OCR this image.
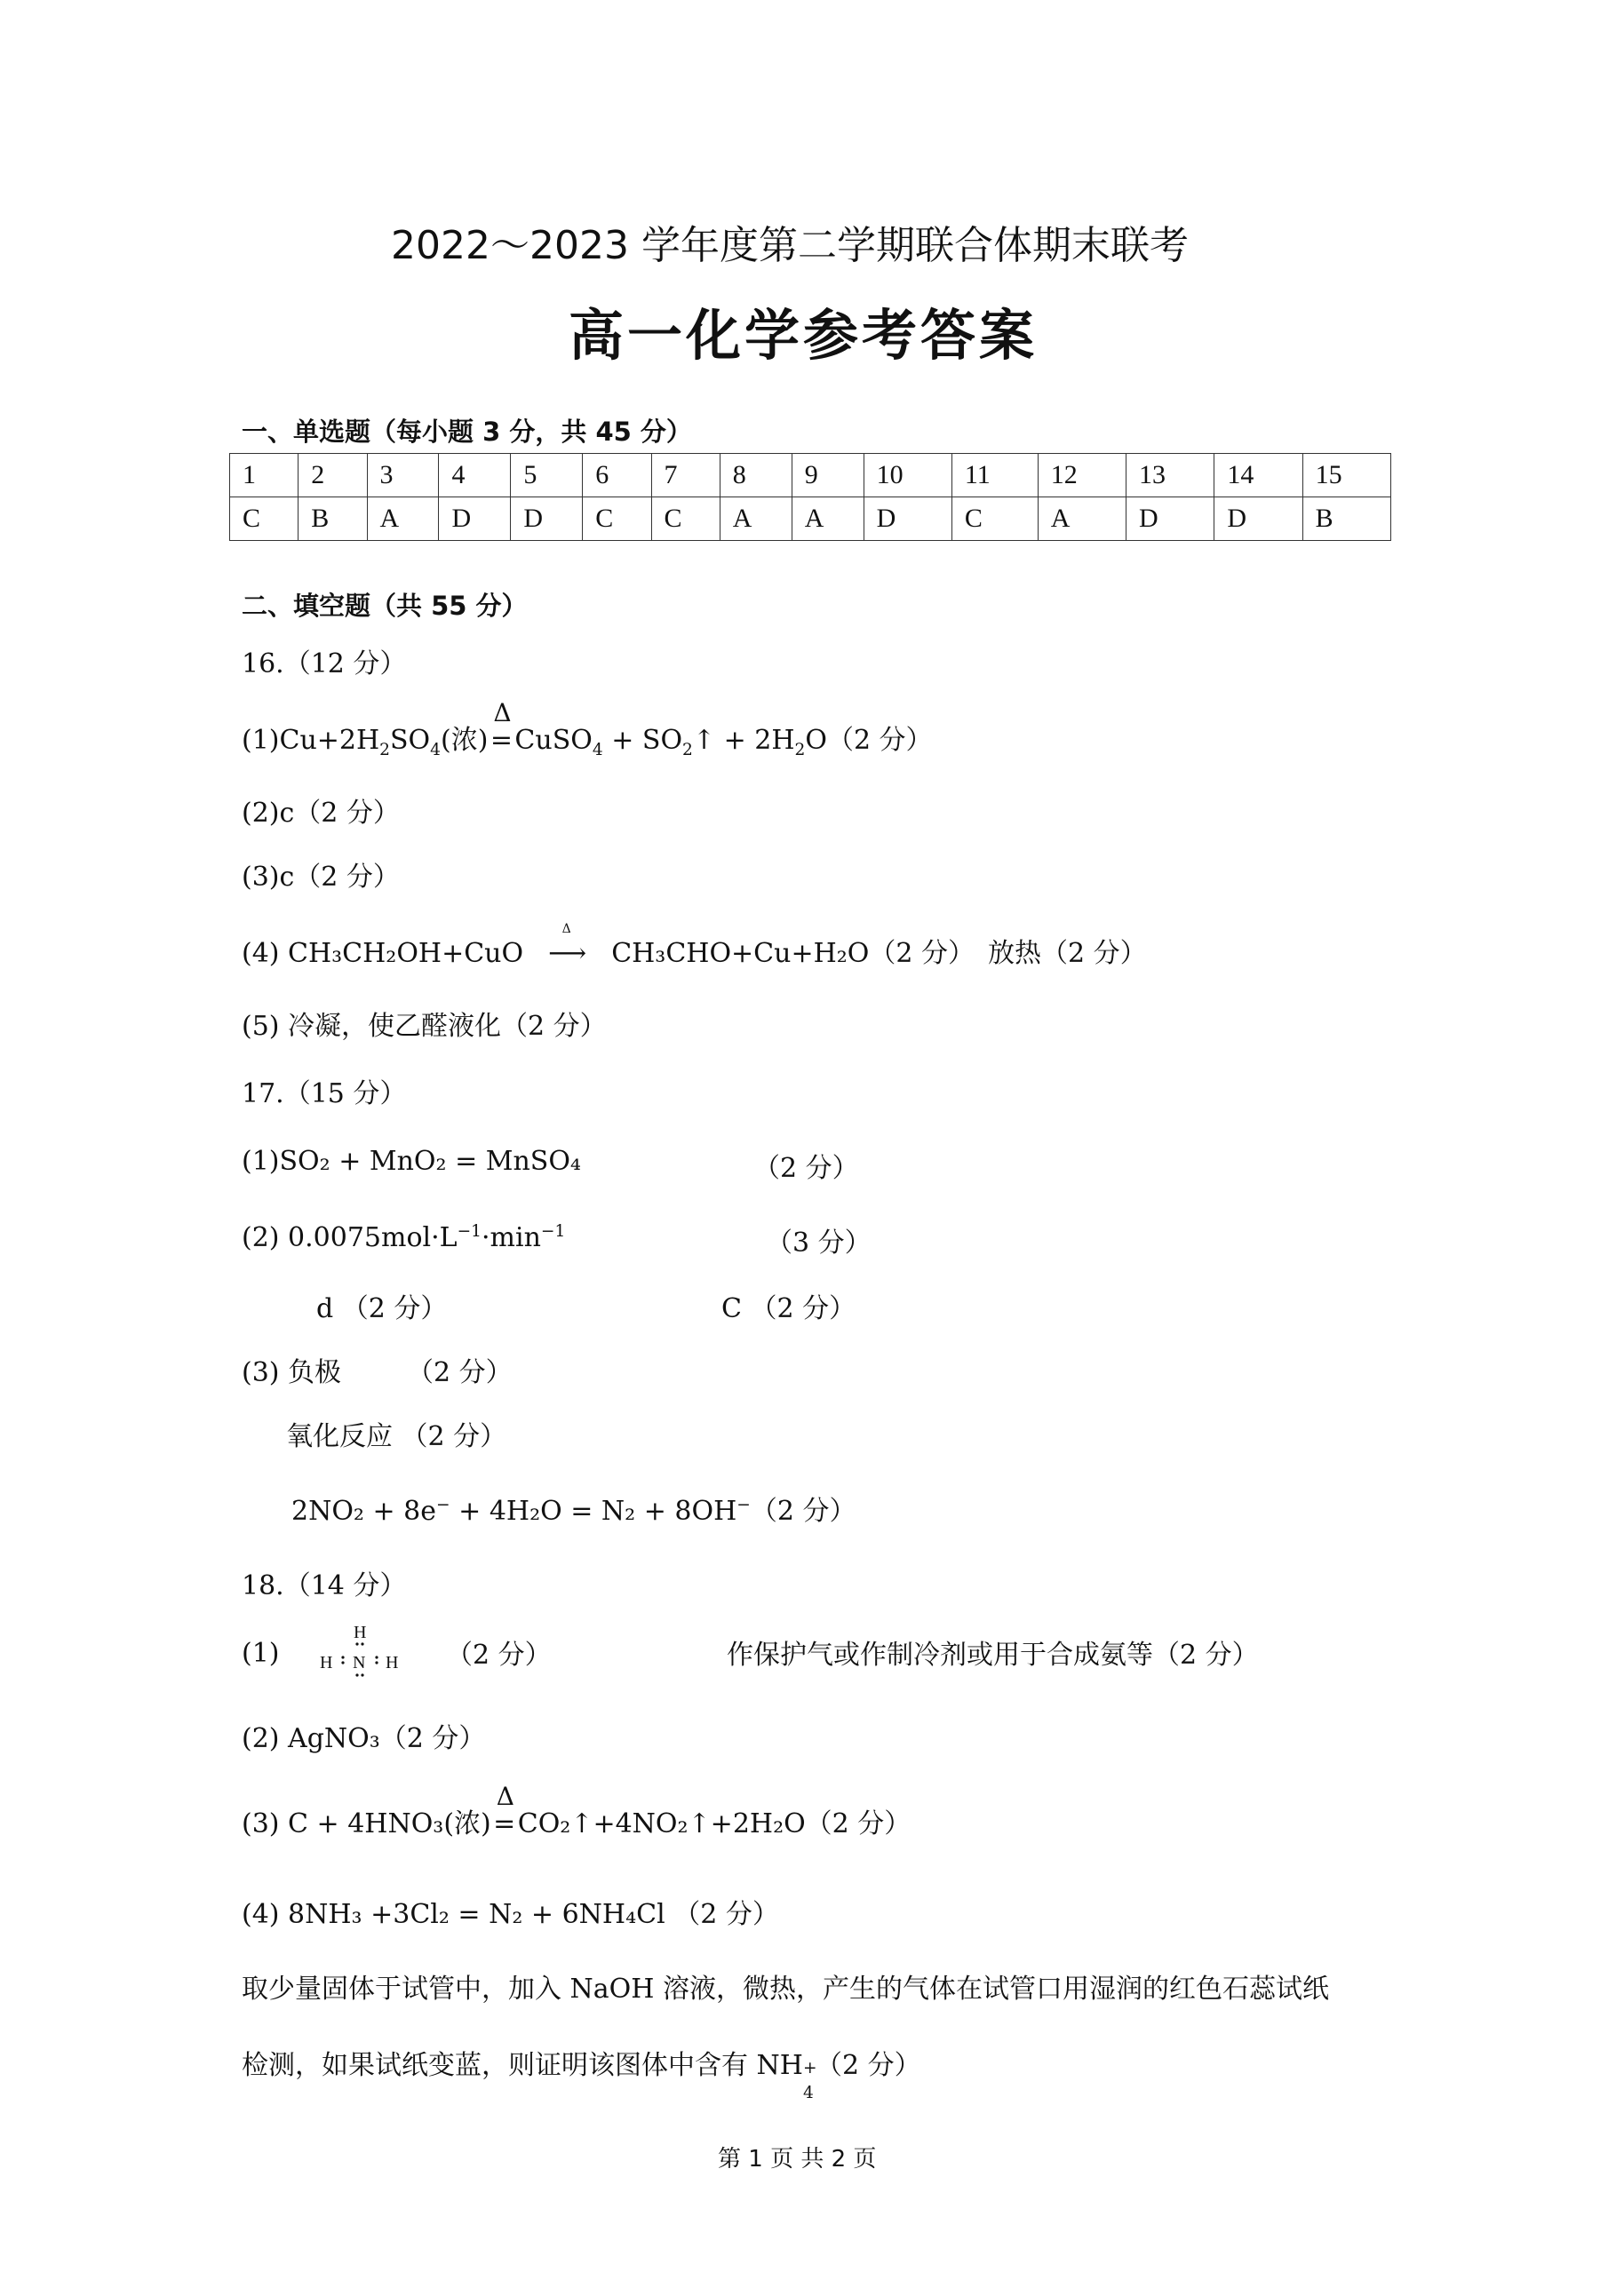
2022～2023 学年度第二学期联合体期末联考
高一化学参考答案
一、单选题（每小题 3 分，共 45 分）
1	2	3	4	5	6	7	8	9	10	11	12	13	14	15
C	B	A	D	D	C	C	A	A	D	C	A	D	D	B
二、填空题（共 55 分）
16.（12 分）
$(1)Cu+2H_2SO_4$(浓)
Δ
=CuSO$_4$ + $SO_2↑ + 2H_2O(2$ 分）
(2)c（2 分）
(3)c（2 分）
(4) CH₃CH₂OH+CuO
Δ
⟶ CH₃CHO+Cu+H₂O（2 分） 放热（2 分）
(5) 冷凝，使乙醛液化（2 分）
17.（15 分）
(1)SO₂ + MnO₂ = MnSO₄	（2 分）
(2) $0.0075mol\cdot L^{-1}\cdot\min^{-1}$	（3 分）
d （2 分）	C （2 分）
(3) 负极 （2 分）
氧化反应 （2 分）
2NO₂ + 8e− + 4H₂O = N₂ + 8OH−（2 分）
18.（14 分）
(1)
H
H N H （2 分）	作保护气或作制冷剂或用于合成氨等（2 分）
(2) AgNO₃（2 分）
(3) C + 4HNO₃(浓)
Δ
=CO₂↑+4NO₂↑+2H₂O（2 分）
(4) 8NH₃ +3Cl₂ = N₂ + 6NH₄Cl （2 分）
取少量固体于试管中，加入 NaOH 溶液，微热，产生的气体在试管口用湿润的红色石蕊试纸
检测，如果试纸变蓝，则证明该图体中含有 NH +
4
（2 分）
第 1 页 共 2 页
